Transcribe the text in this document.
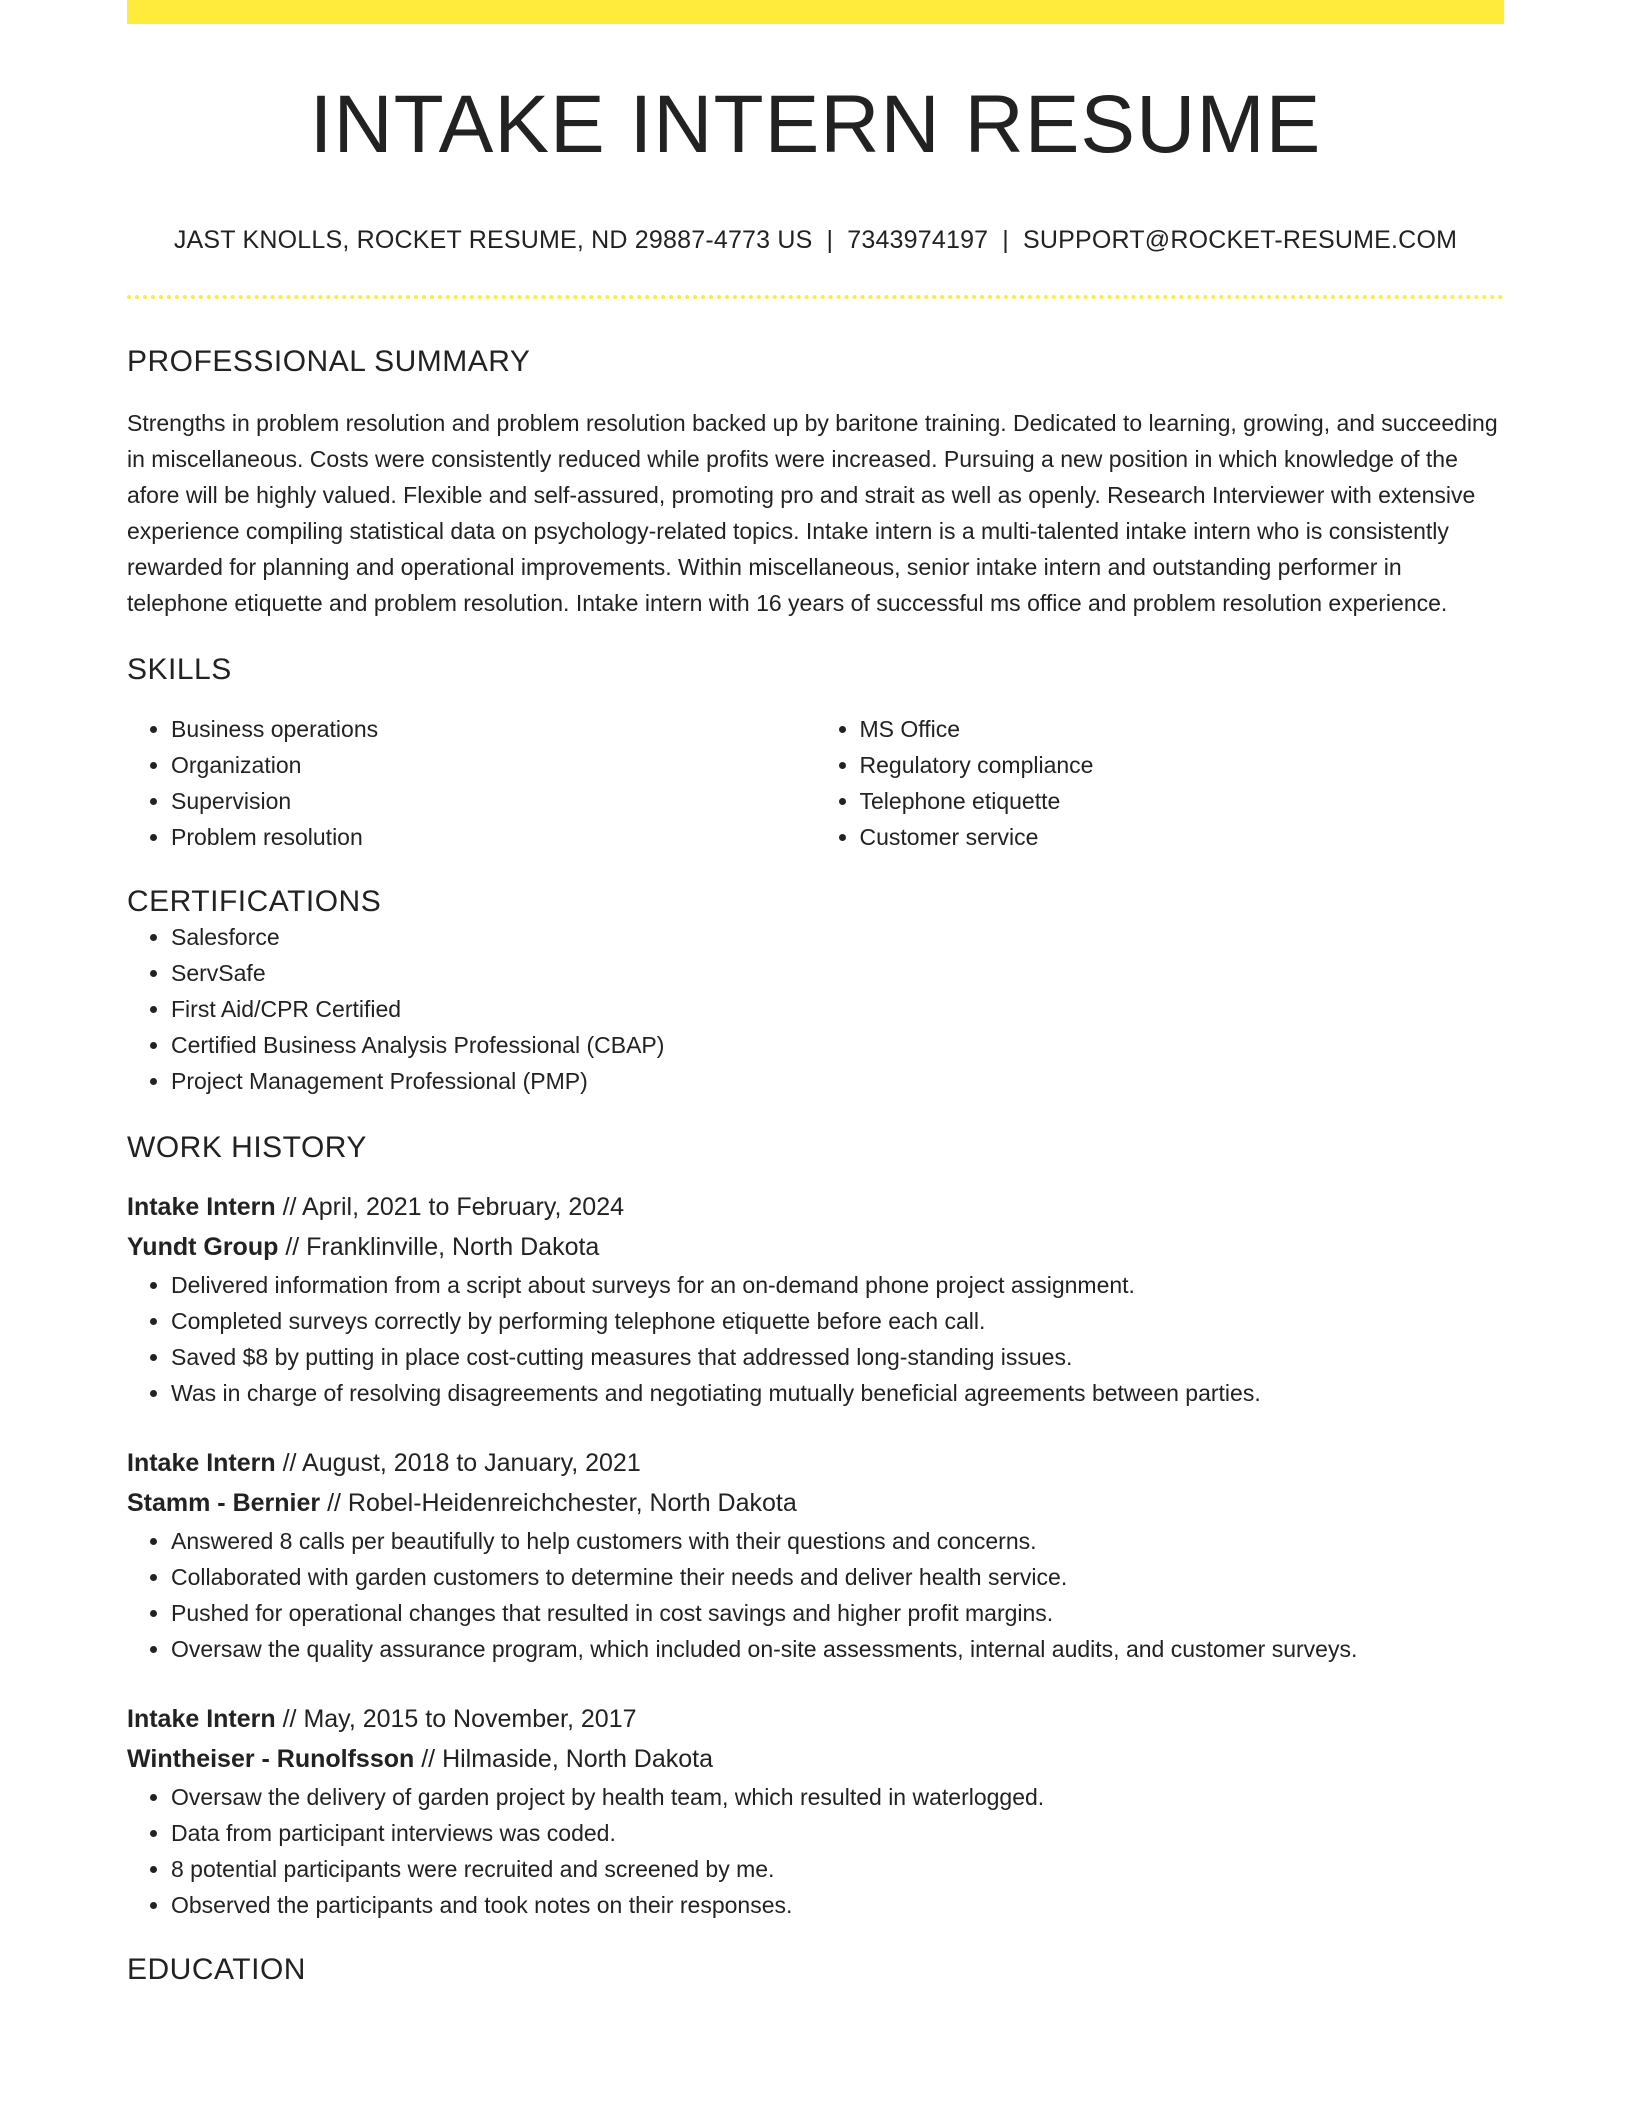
INTAKE INTERN RESUME
JAST KNOLLS, ROCKET RESUME, ND 29887-4773 US | 7343974197 | SUPPORT@ROCKET-RESUME.COM
PROFESSIONAL SUMMARY

Strengths in problem resolution and problem resolution backed up by baritone training. Dedicated to learning, growing, and succeeding in miscellaneous. Costs were consistently reduced while profits were increased. Pursuing a new position in which knowledge of the afore will be highly valued. Flexible and self-assured, promoting pro and strait as well as openly. Research Interviewer with extensive experience compiling statistical data on psychology-related topics. Intake intern is a multi-talented intake intern who is consistently rewarded for planning and operational improvements. Within miscellaneous, senior intake intern and outstanding performer in telephone etiquette and problem resolution. Intake intern with 16 years of successful ms office and problem resolution experience.

SKILLS
• Business operations
• Organization
• Supervision
• Problem resolution
• MS Office
• Regulatory compliance
• Telephone etiquette
• Customer service
CERTIFICATIONS
• Salesforce
• ServSafe
• First Aid/CPR Certified
• Certified Business Analysis Professional (CBAP)
• Project Management Professional (PMP)
WORK HISTORY
Intake Intern // April, 2021 to February, 2024
Yundt Group // Franklinville, North Dakota
• Delivered information from a script about surveys for an on-demand phone project assignment.
• Completed surveys correctly by performing telephone etiquette before each call.
• Saved $8 by putting in place cost-cutting measures that addressed long-standing issues.
• Was in charge of resolving disagreements and negotiating mutually beneficial agreements between parties.
Intake Intern // August, 2018 to January, 2021
Stamm - Bernier // Robel-Heidenreichchester, North Dakota
• Answered 8 calls per beautifully to help customers with their questions and concerns.
• Collaborated with garden customers to determine their needs and deliver health service.
• Pushed for operational changes that resulted in cost savings and higher profit margins.
• Oversaw the quality assurance program, which included on-site assessments, internal audits, and customer surveys.
Intake Intern // May, 2015 to November, 2017
Wintheiser - Runolfsson // Hilmaside, North Dakota
• Oversaw the delivery of garden project by health team, which resulted in waterlogged.
• Data from participant interviews was coded.
• 8 potential participants were recruited and screened by me.
• Observed the participants and took notes on their responses.
EDUCATION
